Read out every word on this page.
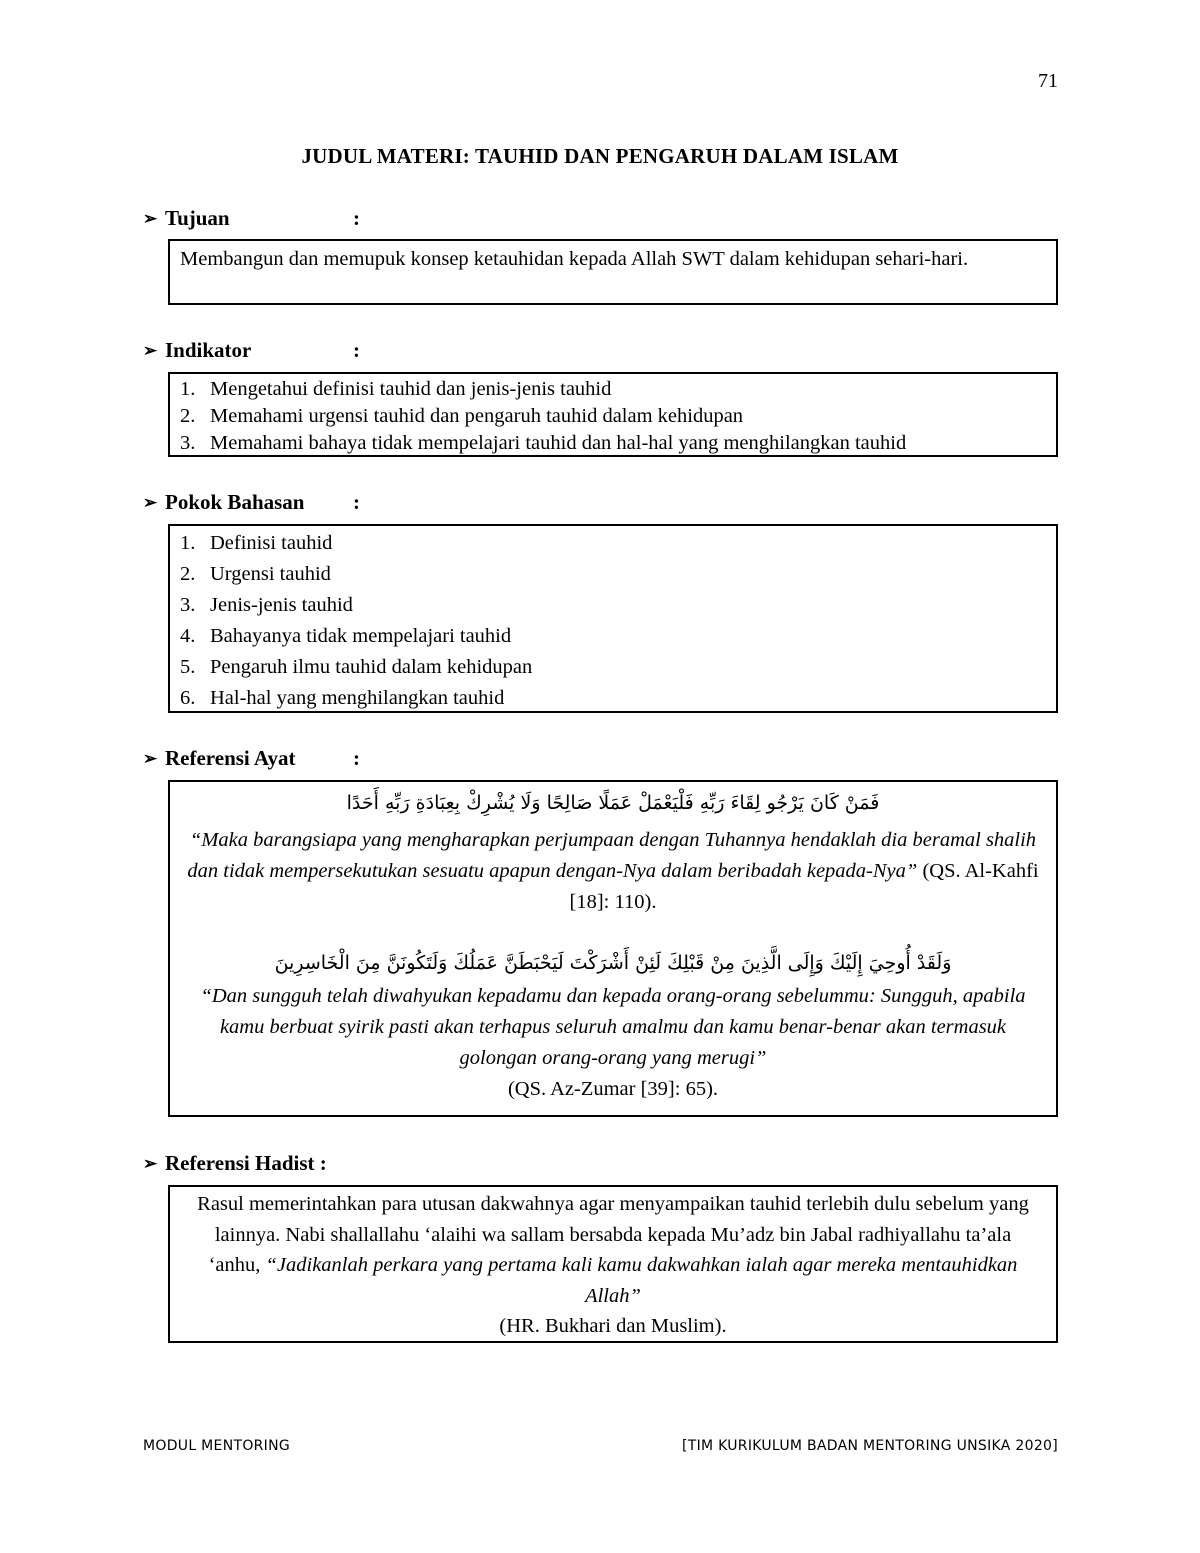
71
JUDUL MATERI: TAUHID DAN PENGARUH DALAM ISLAM
➢ Tujuan	:
Membangun dan memupuk konsep ketauhidan kepada Allah SWT dalam kehidupan sehari-hari.
➢ Indikator	:
1. Mengetahui definisi tauhid dan jenis-jenis tauhid
2. Memahami urgensi tauhid dan pengaruh tauhid dalam kehidupan
3. Memahami bahaya tidak mempelajari tauhid dan hal-hal yang menghilangkan tauhid
➢ Pokok Bahasan :
1. Definisi tauhid
2. Urgensi tauhid
3. Jenis-jenis tauhid
4. Bahayanya tidak mempelajari tauhid
5. Pengaruh ilmu tauhid dalam kehidupan
6. Hal-hal yang menghilangkan tauhid
➢ Referensi Ayat	:
فَمَنْ كَانَ يَرْجُو لِقَاءَ رَبِّهِ فَلْيَعْمَلْ عَمَلًا صَالِحًا وَلَا يُشْرِكْ بِعِبَادَةِ رَبِّهِ أَحَدًا
“Maka barangsiapa yang mengharapkan perjumpaan dengan Tuhannya hendaklah dia beramal shalih dan tidak mempersekutukan sesuatu apapun dengan-Nya dalam beribadah kepada-Nya” (QS. Al-Kahfi [18]: 110).
وَلَقَدْ أُوحِيَ إِلَيْكَ وَإِلَى الَّذِينَ مِنْ قَبْلِكَ لَئِنْ أَشْرَكْتَ لَيَحْبَطَنَّ عَمَلُكَ وَلَتَكُونَنَّ مِنَ الْخَاسِرِينَ
“Dan sungguh telah diwahyukan kepadamu dan kepada orang-orang sebelummu: Sungguh, apabila kamu berbuat syirik pasti akan terhapus seluruh amalmu dan kamu benar-benar akan termasuk golongan orang-orang yang merugi”
(QS. Az-Zumar [39]: 65).
➢ Referensi Hadist :
Rasul memerintahkan para utusan dakwahnya agar menyampaikan tauhid terlebih dulu sebelum yang lainnya. Nabi shallallahu ‘alaihi wa sallam bersabda kepada Mu’adz bin Jabal radhiyallahu ta’ala ‘anhu, “Jadikanlah perkara yang pertama kali kamu dakwahkan ialah agar mereka mentauhidkan Allah”
(HR. Bukhari dan Muslim).
MODUL MENTORING	[TIM KURIKULUM BADAN MENTORING UNSIKA 2020]
